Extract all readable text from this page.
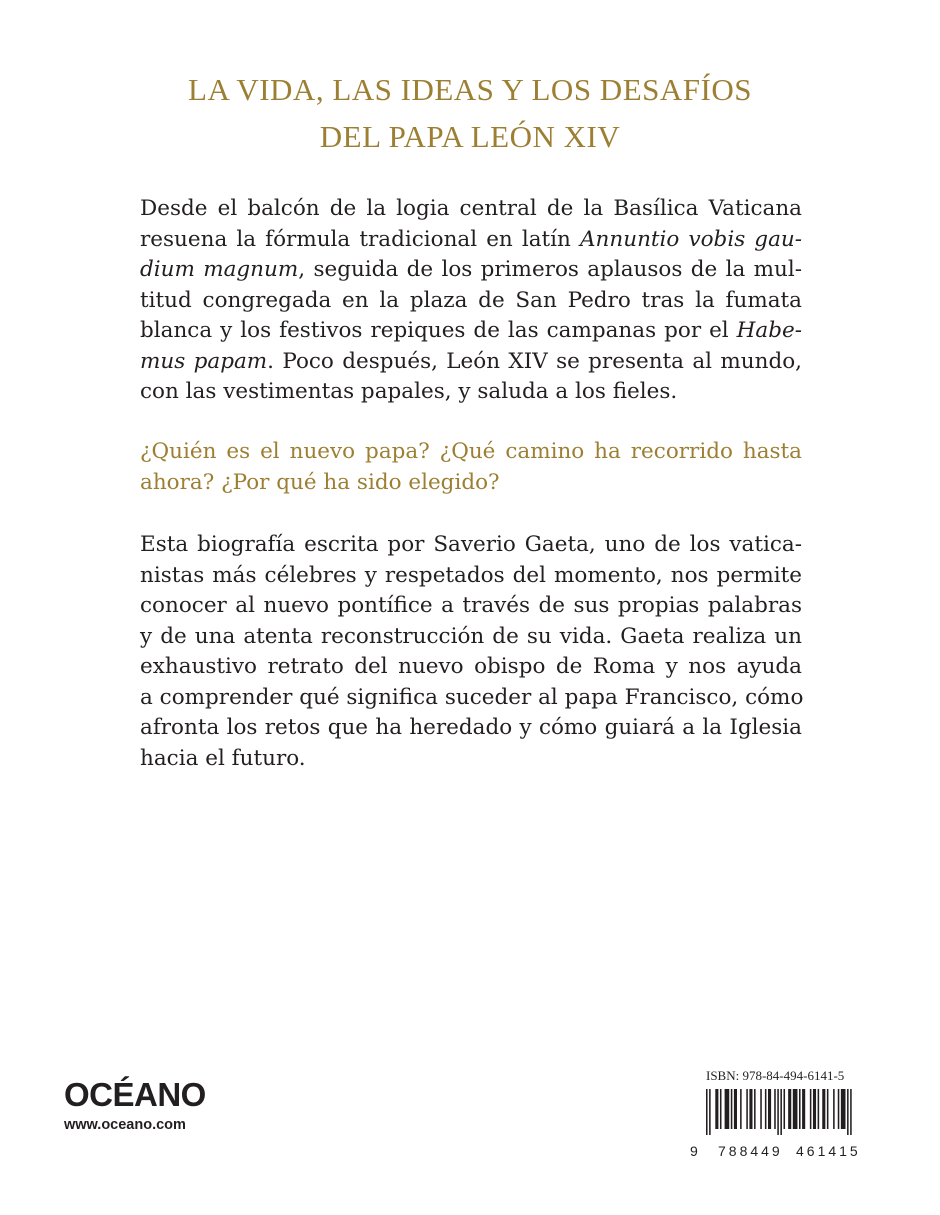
LA VIDA, LAS IDEAS Y LOS DESAFÍOS
DEL PAPA LEÓN XIV
Desde el balcón de la logia central de la Basílica Vaticana
resuena la fórmula tradicional en latín Annuntio vobis gau-
dium magnum, seguida de los primeros aplausos de la mul-
titud congregada en la plaza de San Pedro tras la fumata
blanca y los festivos repiques de las campanas por el Habe-
mus papam. Poco después, León XIV se presenta al mundo,
con las vestimentas papales, y saluda a los fieles.
¿Quién es el nuevo papa? ¿Qué camino ha recorrido hasta
ahora? ¿Por qué ha sido elegido?
Esta biografía escrita por Saverio Gaeta, uno de los vatica-
nistas más célebres y respetados del momento, nos permite
conocer al nuevo pontífice a través de sus propias palabras
y de una atenta reconstrucción de su vida. Gaeta realiza un
exhaustivo retrato del nuevo obispo de Roma y nos ayuda
a comprender qué significa suceder al papa Francisco, cómo
afronta los retos que ha heredado y cómo guiará a la Iglesia
hacia el futuro.
OCÉANO
www.oceano.com
ISBN: 978-84-494-6141-5
9 788449 461415
